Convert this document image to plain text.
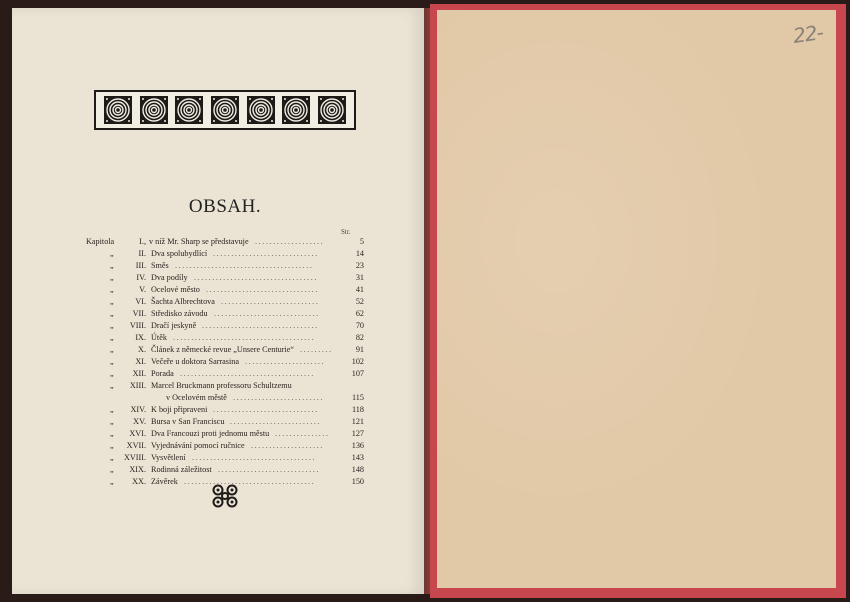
22-
OBSAH.
Str.
Kapitola	I., v níž Mr. Sharp se představuje ...................	5
„	II. Dva spolubydlící .............................	14
„	III. Směs ......................................	23
„	IV. Dva podíly ..................................	31
„	V. Ocelové město ...............................	41
„	VI. Šachta Albrechtova ...........................	52
„	VII. Středisko závodu .............................	62
„	VIII. Dračí jeskyně ................................	70
„	IX. Útěk .......................................	82
„	X. Článek z německé revue „Unsere Centurie“ .........	91
„	XI. Večeře u doktora Sarrasina ......................	102
„	XII. Porada .....................................	107
„	XIII. Marcel Bruckmann professoru Schultzemu
v Ocelovém městě .........................	115
„	XIV. K boji připraveni .............................	118
„	XV. Bursa v San Franciscu .........................	121
„	XVI. Dva Francouzi proti jednomu městu ...............	127
„	XVII. Vyjednávání pomocí ručnice ....................	136
„	XVIII. Vysvětlení ..................................	143
„	XIX. Rodinná záležitost ............................	148
„	XX. Závěrek ....................................	150
